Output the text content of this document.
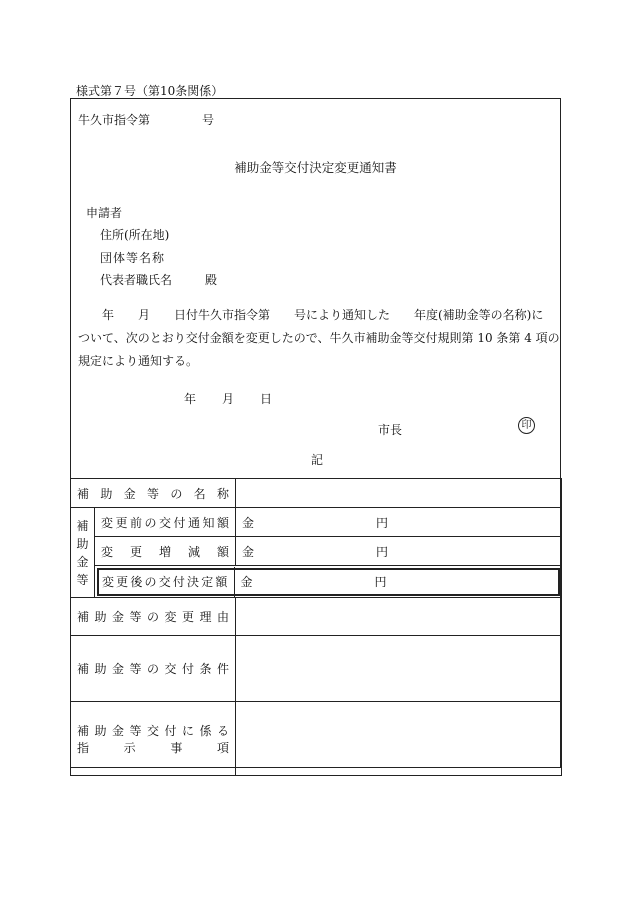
様式第７号（第10条関係）
牛久市指令第	号
補助金等交付決定変更通知書
申請者
住所(所在地)
団体等名称
代表者職氏名	殿
　　年　　月　　日付牛久市指令第　　号により通知した　　年度(補助金等の名称)に
ついて、次のとおり交付金額を変更したので、牛久市補助金等交付規則第 10 条第 4 項の
規定により通知する。
年 月 日
市長	印
記
補 助 金 等 の 名 称

補
助
金
等

変 更 前 の 交 付 通 知 額	金	円

変 更 増 減 額	金	円

変 更 後 の 交 付 決 定 額	金	円

補 助 金 等 の 変 更 理 由

補 助 金 等 の 交 付 条 件

補 助 金 等 交 付 に 係 る
指	示	事	項
